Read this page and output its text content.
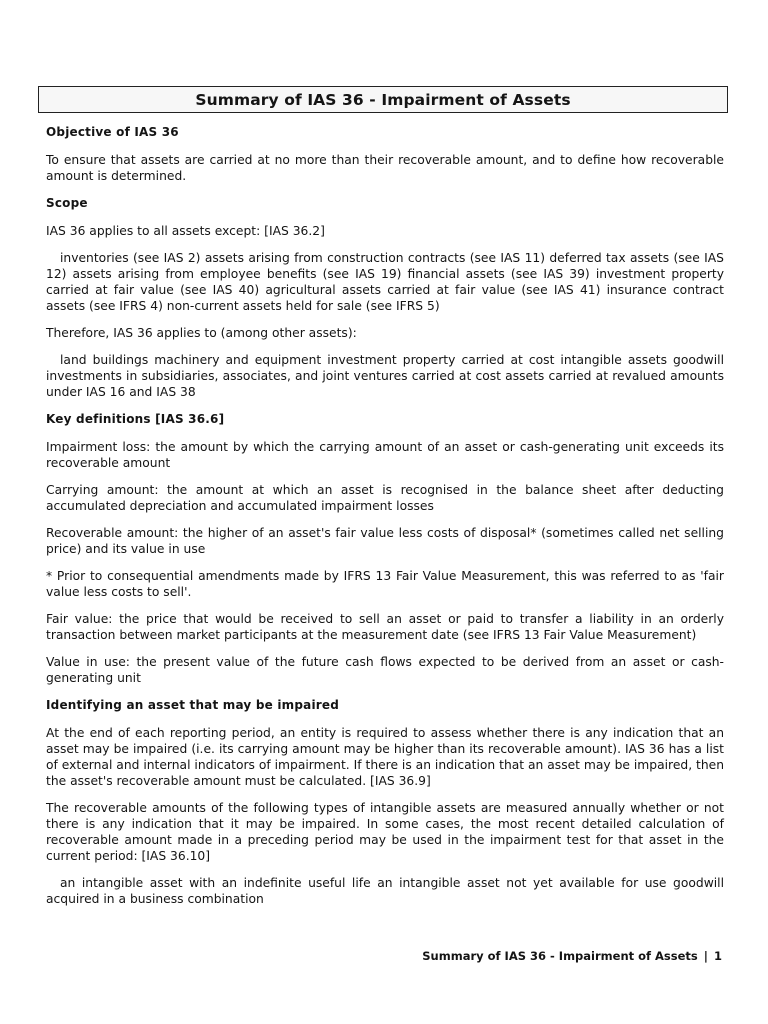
Summary of IAS 36 - Impairment of Assets

Objective of IAS 36

To ensure that assets are carried at no more than their recoverable amount, and to define how recoverable amount is determined.

Scope

IAS 36 applies to all assets except: [IAS 36.2]

inventories (see IAS 2) assets arising from construction contracts (see IAS 11) deferred tax assets (see IAS 12) assets arising from employee benefits (see IAS 19) financial assets (see IAS 39) investment property carried at fair value (see IAS 40) agricultural assets carried at fair value (see IAS 41) insurance contract assets (see IFRS 4) non-current assets held for sale (see IFRS 5)

Therefore, IAS 36 applies to (among other assets):

land buildings machinery and equipment investment property carried at cost intangible assets goodwill investments in subsidiaries, associates, and joint ventures carried at cost assets carried at revalued amounts under IAS 16 and IAS 38

Key definitions [IAS 36.6]

Impairment loss: the amount by which the carrying amount of an asset or cash-generating unit exceeds its recoverable amount

Carrying amount: the amount at which an asset is recognised in the balance sheet after deducting accumulated depreciation and accumulated impairment losses

Recoverable amount: the higher of an asset's fair value less costs of disposal* (sometimes called net selling price) and its value in use

* Prior to consequential amendments made by IFRS 13 Fair Value Measurement, this was referred to as 'fair value less costs to sell'.

Fair value: the price that would be received to sell an asset or paid to transfer a liability in an orderly transaction between market participants at the measurement date (see IFRS 13 Fair Value Measurement)

Value in use: the present value of the future cash flows expected to be derived from an asset or cash-generating unit

Identifying an asset that may be impaired

At the end of each reporting period, an entity is required to assess whether there is any indication that an asset may be impaired (i.e. its carrying amount may be higher than its recoverable amount). IAS 36 has a list of external and internal indicators of impairment. If there is an indication that an asset may be impaired, then the asset's recoverable amount must be calculated. [IAS 36.9]

The recoverable amounts of the following types of intangible assets are measured annually whether or not there is any indication that it may be impaired. In some cases, the most recent detailed calculation of recoverable amount made in a preceding period may be used in the impairment test for that asset in the current period: [IAS 36.10]

an intangible asset with an indefinite useful life an intangible asset not yet available for use goodwill acquired in a business combination

Summary of IAS 36 - Impairment of Assets | 1
